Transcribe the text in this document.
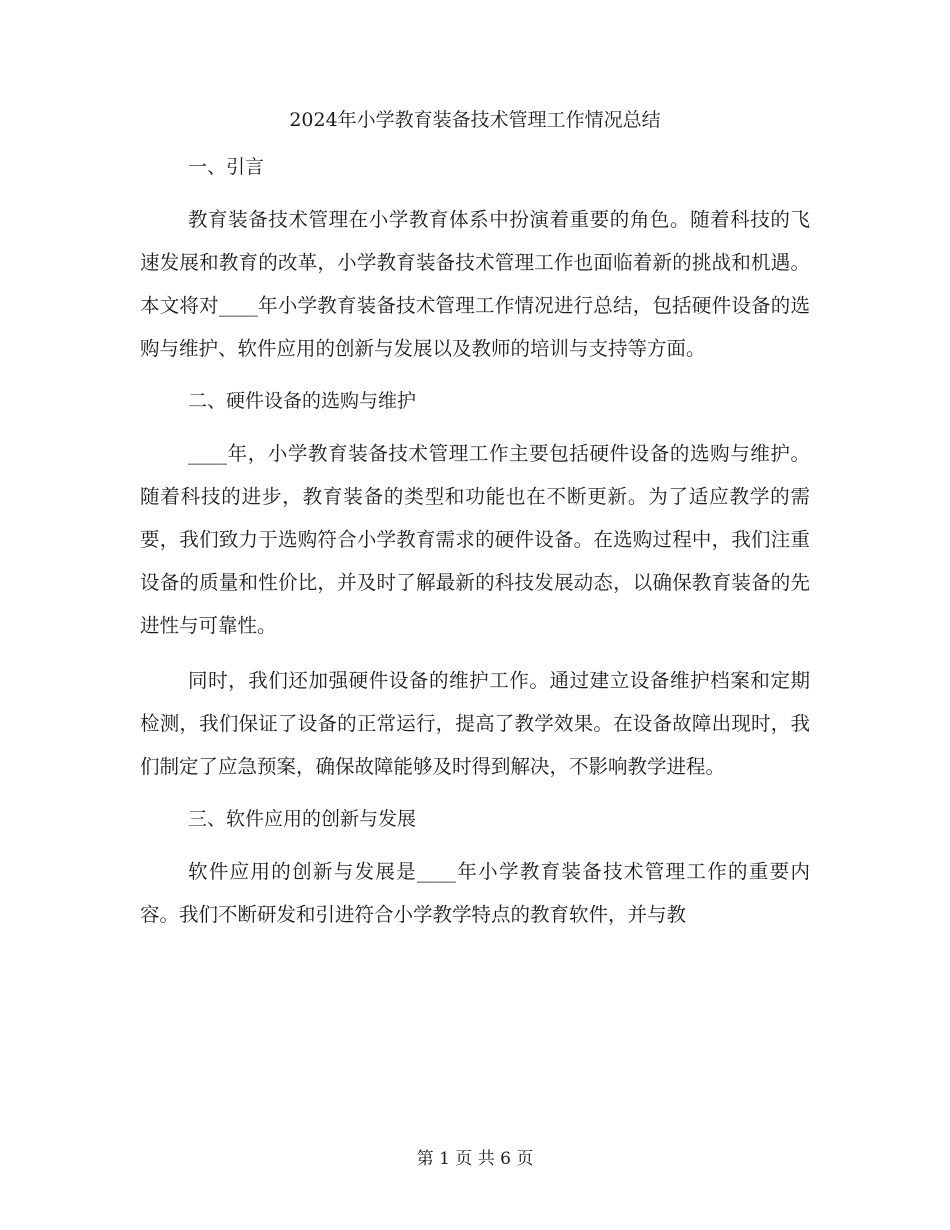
2024年小学教育装备技术管理工作情况总结

一、引言

教育装备技术管理在小学教育体系中扮演着重要的角色。随着科技的飞速发展和教育的改革，小学教育装备技术管理工作也面临着新的挑战和机遇。本文将对____年小学教育装备技术管理工作情况进行总结，包括硬件设备的选购与维护、软件应用的创新与发展以及教师的培训与支持等方面。

二、硬件设备的选购与维护

____年，小学教育装备技术管理工作主要包括硬件设备的选购与维护。随着科技的进步，教育装备的类型和功能也在不断更新。为了适应教学的需要，我们致力于选购符合小学教育需求的硬件设备。在选购过程中，我们注重设备的质量和性价比，并及时了解最新的科技发展动态，以确保教育装备的先进性与可靠性。

同时，我们还加强硬件设备的维护工作。通过建立设备维护档案和定期检测，我们保证了设备的正常运行，提高了教学效果。在设备故障出现时，我们制定了应急预案，确保故障能够及时得到解决，不影响教学进程。

三、软件应用的创新与发展

软件应用的创新与发展是____年小学教育装备技术管理工作的重要内容。我们不断研发和引进符合小学教学特点的教育软件，并与教

第 1 页 共 6 页
